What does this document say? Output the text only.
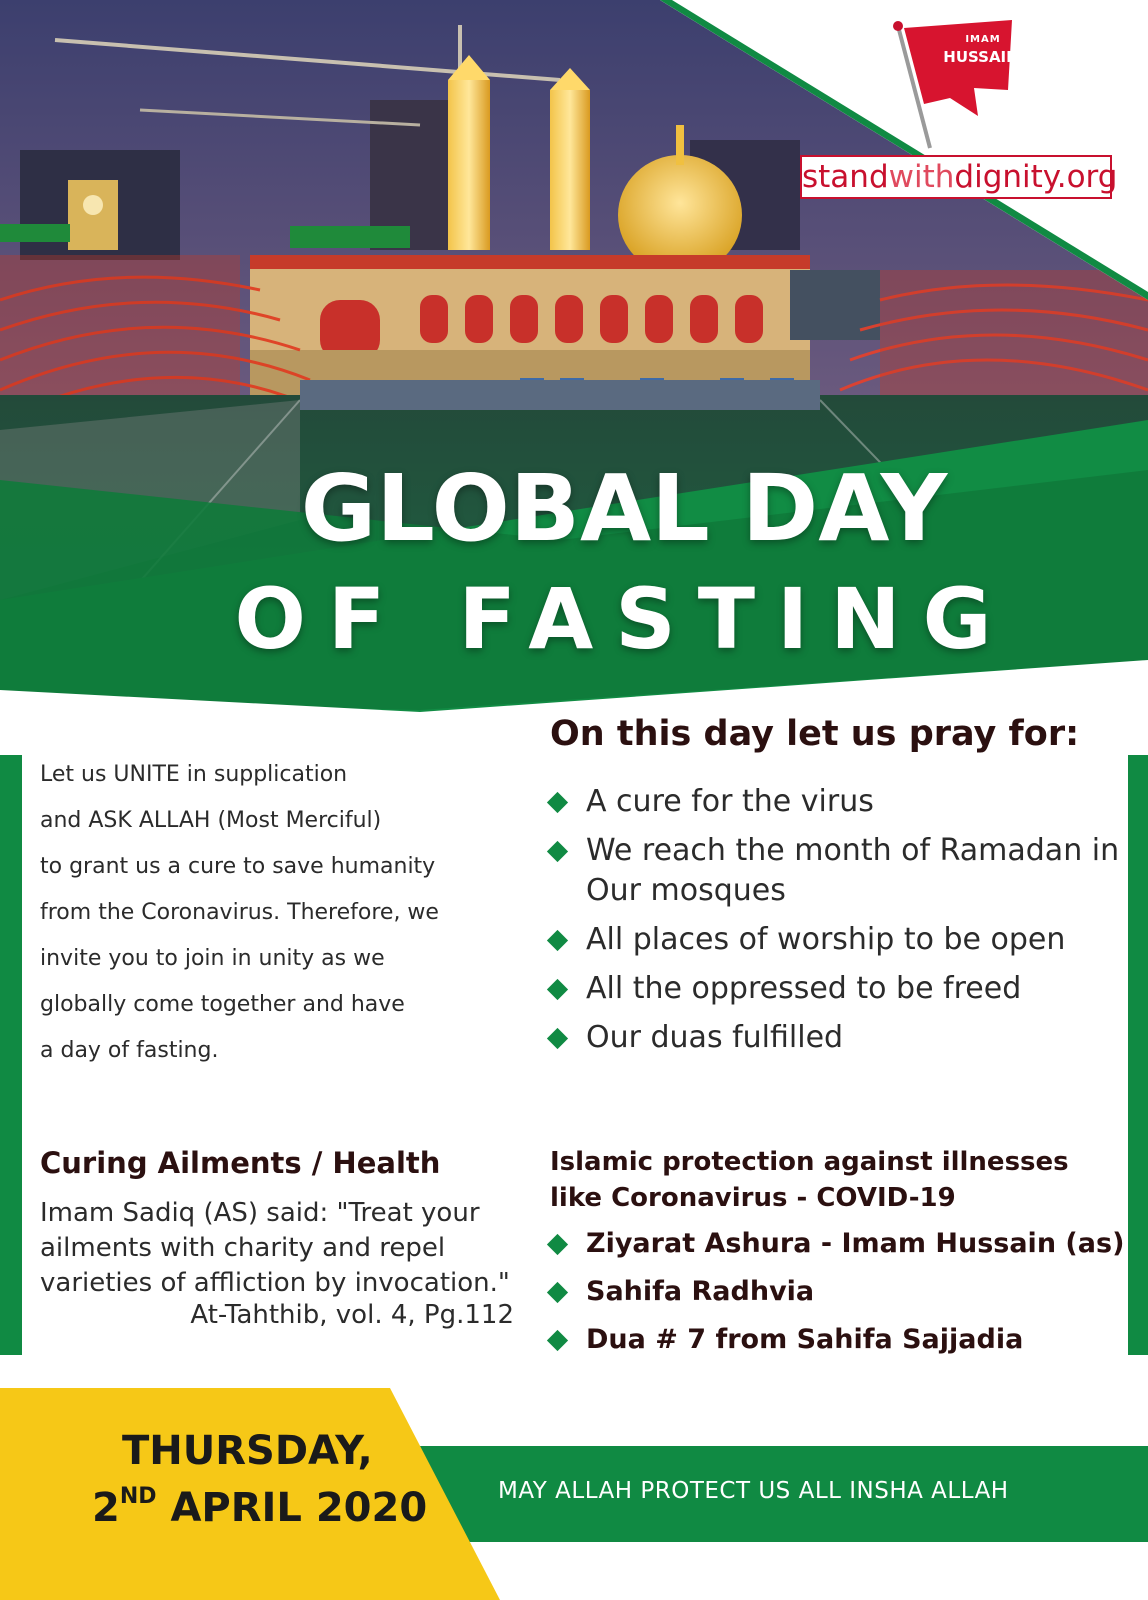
IMAM
HUSSAIN
standwithdignity.org
GLOBAL DAY
OF FASTING

Let us UNITE in supplication

and ASK ALLAH (Most Merciful)

to grant us a cure to save humanity

from the Coronavirus. Therefore, we

invite you to join in unity as we

globally come together and have

a day of fasting.

On this day let us pray for:
A cure for the virus
We reach the month of Ramadan in Our mosques
All places of worship to be open
All the oppressed to be freed
Our duas fulfilled
Curing Ailments / Health

Imam Sadiq (AS) said: "Treat your ailments with charity and repel varieties of affliction by invocation."

At-Tahthib, vol. 4, Pg.112

Islamic protection against illnesses like Coronavirus - COVID-19

Ziyarat Ashura - Imam Hussain (as)
Sahifa Radhvia
Dua # 7 from Sahifa Sajjadia
THURSDAY,
2ND APRIL 2020	MAY ALLAH PROTECT US ALL INSHA ALLAH
